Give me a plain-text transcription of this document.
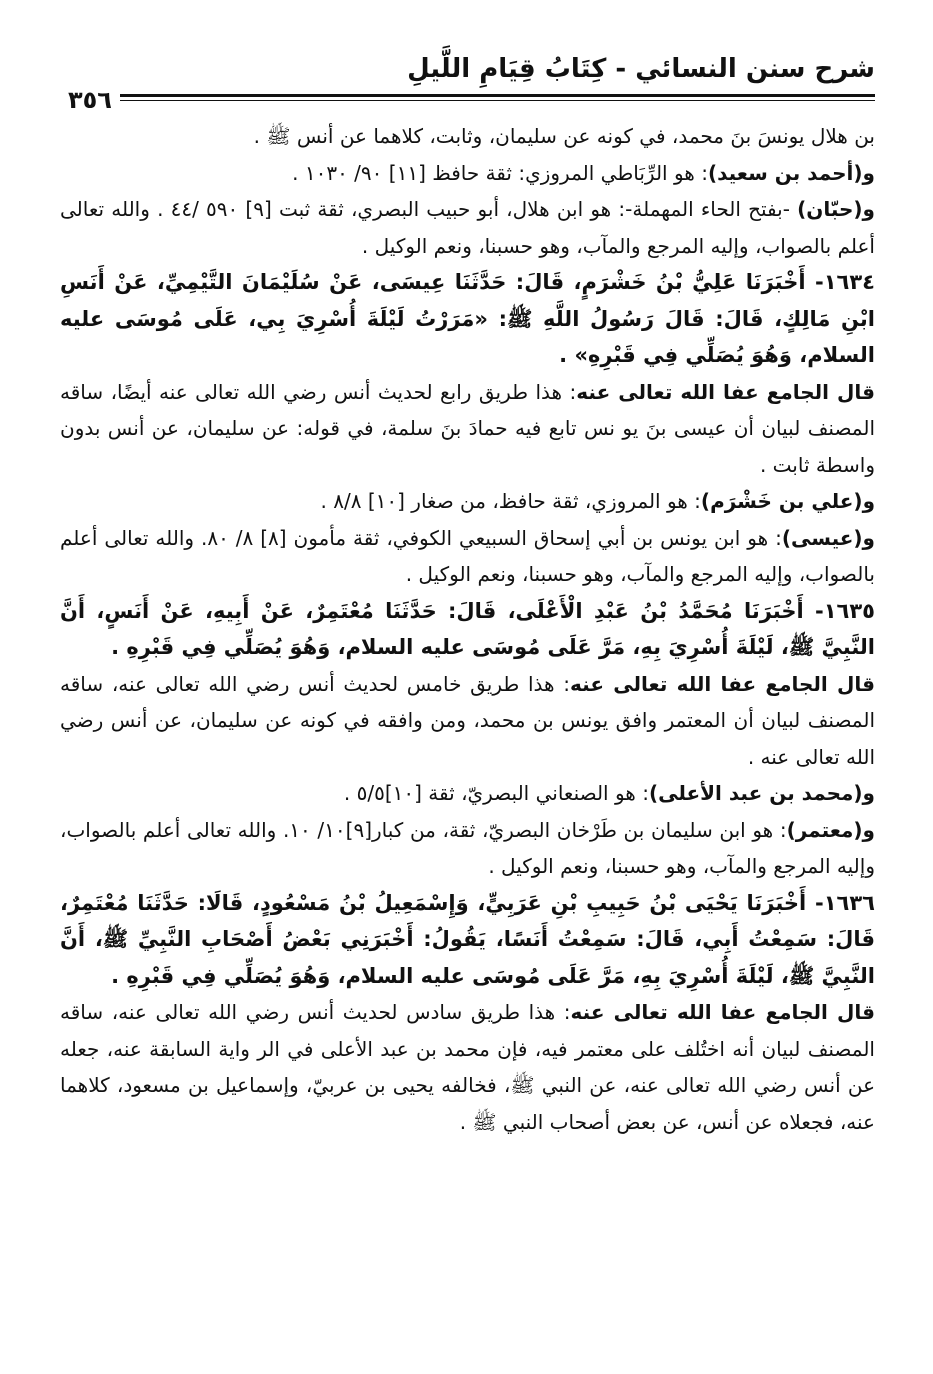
شرح سنن النسائي - كِتَابُ قِيَامِ اللَّيلِ
٣٥٦

بن هلال يونسَ بنَ محمد، في كونه عن سليمان، وثابت، كلاهما عن أنس ﷺ .

و(أحمد بن سعيد): هو الرِّبَاطي المروزي: ثقة حافظ [١١] ٩٠/ ١٠٣٠ .

و(حبّان) -بفتح الحاء المهملة-: هو ابن هلال، أبو حبيب البصري، ثقة ثبت [٩] ٥٩٠ /٤٤ . والله تعالى أعلم بالصواب، وإليه المرجع والمآب، وهو حسبنا، ونعم الوكيل .

١٦٣٤- أَخْبَرَنَا عَلِيُّ بْنُ خَشْرَمٍ، قَالَ: حَدَّثَنَا عِيسَى، عَنْ سُلَيْمَانَ التَّيْمِيِّ، عَنْ أَنَسِ ابْنِ مَالِكٍ، قَالَ: قَالَ رَسُولُ اللَّهِ ﷺ: «مَرَرْتُ لَيْلَةَ أُسْرِيَ بِي، عَلَى مُوسَى عليه السلام، وَهُوَ يُصَلِّي فِي قَبْرِهِ» .

قال الجامع عفا الله تعالى عنه: هذا طريق رابع لحديث أنس رضي الله تعالى عنه أيضًا، ساقه المصنف لبيان أن عيسى بنَ يو نس تابع فيه حمادَ بنَ سلمة، في قوله: عن سليمان، عن أنس بدون واسطة ثابت .

و(علي بن خَشْرَم): هو المروزي، ثقة حافظ، من صغار [١٠] ٨/٨ .

و(عيسى): هو ابن يونس بن أبي إسحاق السبيعي الكوفي، ثقة مأمون [٨] ٨/ ٨٠. والله تعالى أعلم بالصواب، وإليه المرجع والمآب، وهو حسبنا، ونعم الوكيل .

١٦٣٥- أَخْبَرَنَا مُحَمَّدُ بْنُ عَبْدِ الْأَعْلَى، قَالَ: حَدَّثَنَا مُعْتَمِرٌ، عَنْ أَبِيهِ، عَنْ أَنَسٍ، أَنَّ النَّبِيَّ ﷺ، لَيْلَةَ أُسْرِيَ بِهِ، مَرَّ عَلَى مُوسَى عليه السلام، وَهُوَ يُصَلِّي فِي قَبْرِهِ .

قال الجامع عفا الله تعالى عنه: هذا طريق خامس لحديث أنس رضي الله تعالى عنه، ساقه المصنف لبيان أن المعتمر وافق يونس بن محمد، ومن وافقه في كونه عن سليمان، عن أنس رضي الله تعالى عنه .

و(محمد بن عبد الأعلى): هو الصنعاني البصريّ، ثقة [١٠]٥/٥ .

و(معتمر): هو ابن سليمان بن طَرْخان البصريّ، ثقة، من كبار[٩]١٠/ ١٠. والله تعالى أعلم بالصواب، وإليه المرجع والمآب، وهو حسبنا، ونعم الوكيل .

١٦٣٦- أَخْبَرَنَا يَحْيَى بْنُ حَبِيبِ بْنِ عَرَبِيٍّ، وَإِسْمَعِيلُ بْنُ مَسْعُودٍ، قَالَا: حَدَّثَنَا مُعْتَمِرٌ، قَالَ: سَمِعْتُ أَبِي، قَالَ: سَمِعْتُ أَنَسًا، يَقُولُ: أَخْبَرَنِي بَعْضُ أَصْحَابِ النَّبِيِّ ﷺ، أَنَّ النَّبِيَّ ﷺ، لَيْلَةَ أُسْرِيَ بِهِ، مَرَّ عَلَى مُوسَى عليه السلام، وَهُوَ يُصَلِّي فِي قَبْرِهِ .

قال الجامع عفا الله تعالى عنه: هذا طريق سادس لحديث أنس رضي الله تعالى عنه، ساقه المصنف لبيان أنه اختُلف على معتمر فيه، فإن محمد بن عبد الأعلى في الر واية السابقة عنه، جعله عن أنس رضي الله تعالى عنه، عن النبي ﷺ، فخالفه يحيى بن عربيّ، وإسماعيل بن مسعود، كلاهما عنه، فجعلاه عن أنس، عن بعض أصحاب النبي ﷺ .
